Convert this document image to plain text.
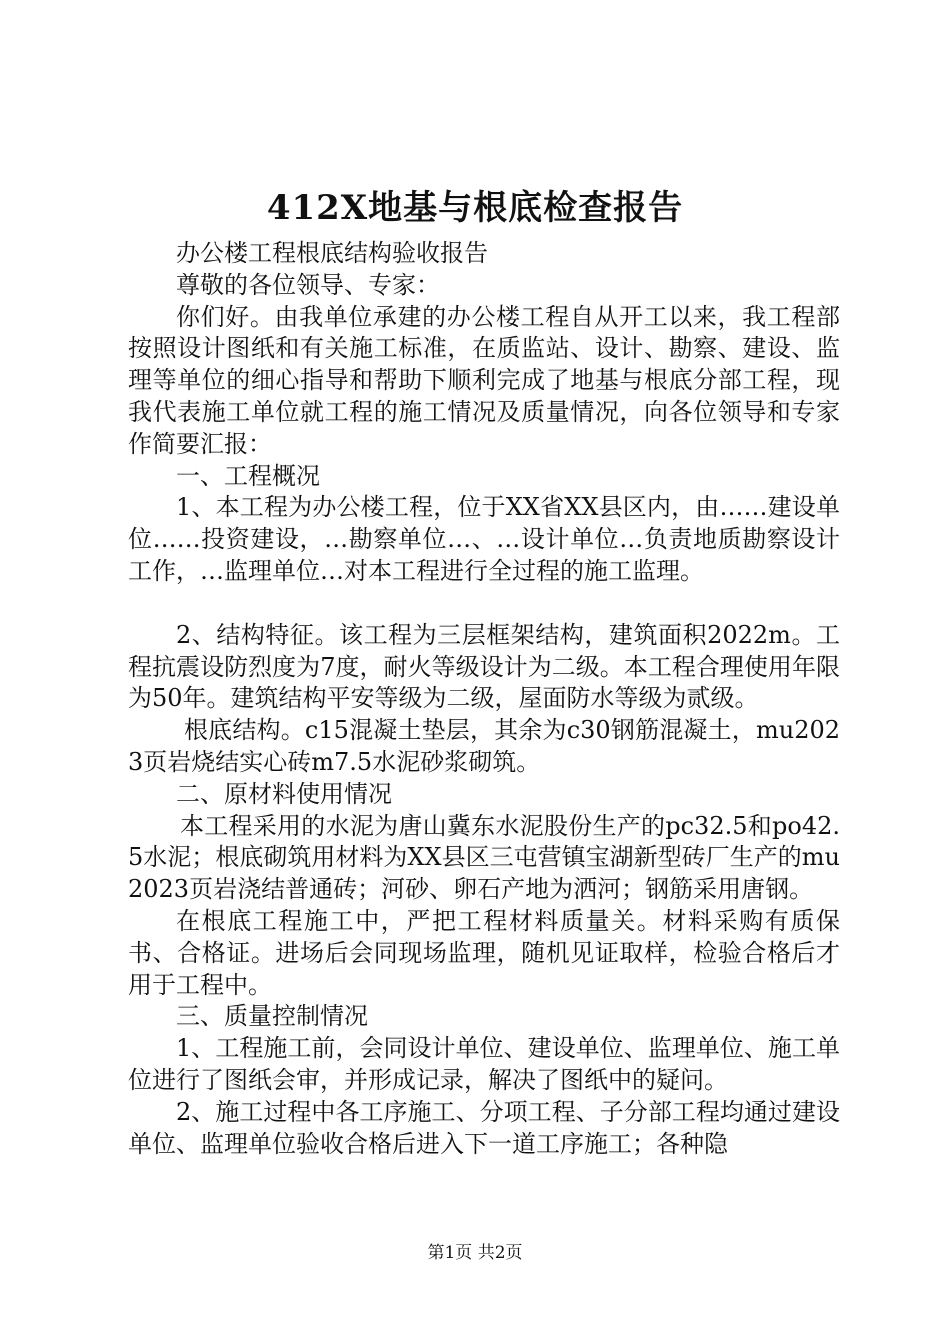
412X地基与根底检查报告

办公楼工程根底结构验收报告

尊敬的各位领导、专家：

你们好。由我单位承建的办公楼工程自从开工以来，我工程部按照设计图纸和有关施工标准，在质监站、设计、勘察、建设、监理等单位的细心指导和帮助下顺利完成了地基与根底分部工程，现我代表施工单位就工程的施工情况及质量情况，向各位领导和专家作简要汇报：

一、工程概况

1、本工程为办公楼工程，位于XX省XX县区内，由……建设单位……投资建设，…勘察单位…、…设计单位…负责地质勘察设计工作，…监理单位…对本工程进行全过程的施工监理。

2、结构特征。该工程为三层框架结构，建筑面积2022m。工程抗震设防烈度为7度，耐火等级设计为二级。本工程合理使用年限为50年。建筑结构平安等级为二级，屋面防水等级为贰级。

根底结构。c15混凝土垫层，其余为c30钢筋混凝土，mu2023页岩烧结实心砖m7.5水泥砂浆砌筑。

二、原材料使用情况

本工程采用的水泥为唐山冀东水泥股份生产的pc32.5和po42.5水泥；根底砌筑用材料为XX县区三屯营镇宝湖新型砖厂生产的mu2023页岩浇结普通砖；河砂、卵石产地为洒河；钢筋采用唐钢。

在根底工程施工中，严把工程材料质量关。材料采购有质保书、合格证。进场后会同现场监理，随机见证取样，检验合格后才用于工程中。

三、质量控制情况

1、工程施工前，会同设计单位、建设单位、监理单位、施工单位进行了图纸会审，并形成记录，解决了图纸中的疑问。

2、施工过程中各工序施工、分项工程、子分部工程均通过建设单位、监理单位验收合格后进入下一道工序施工；各种隐

第1页 共2页
